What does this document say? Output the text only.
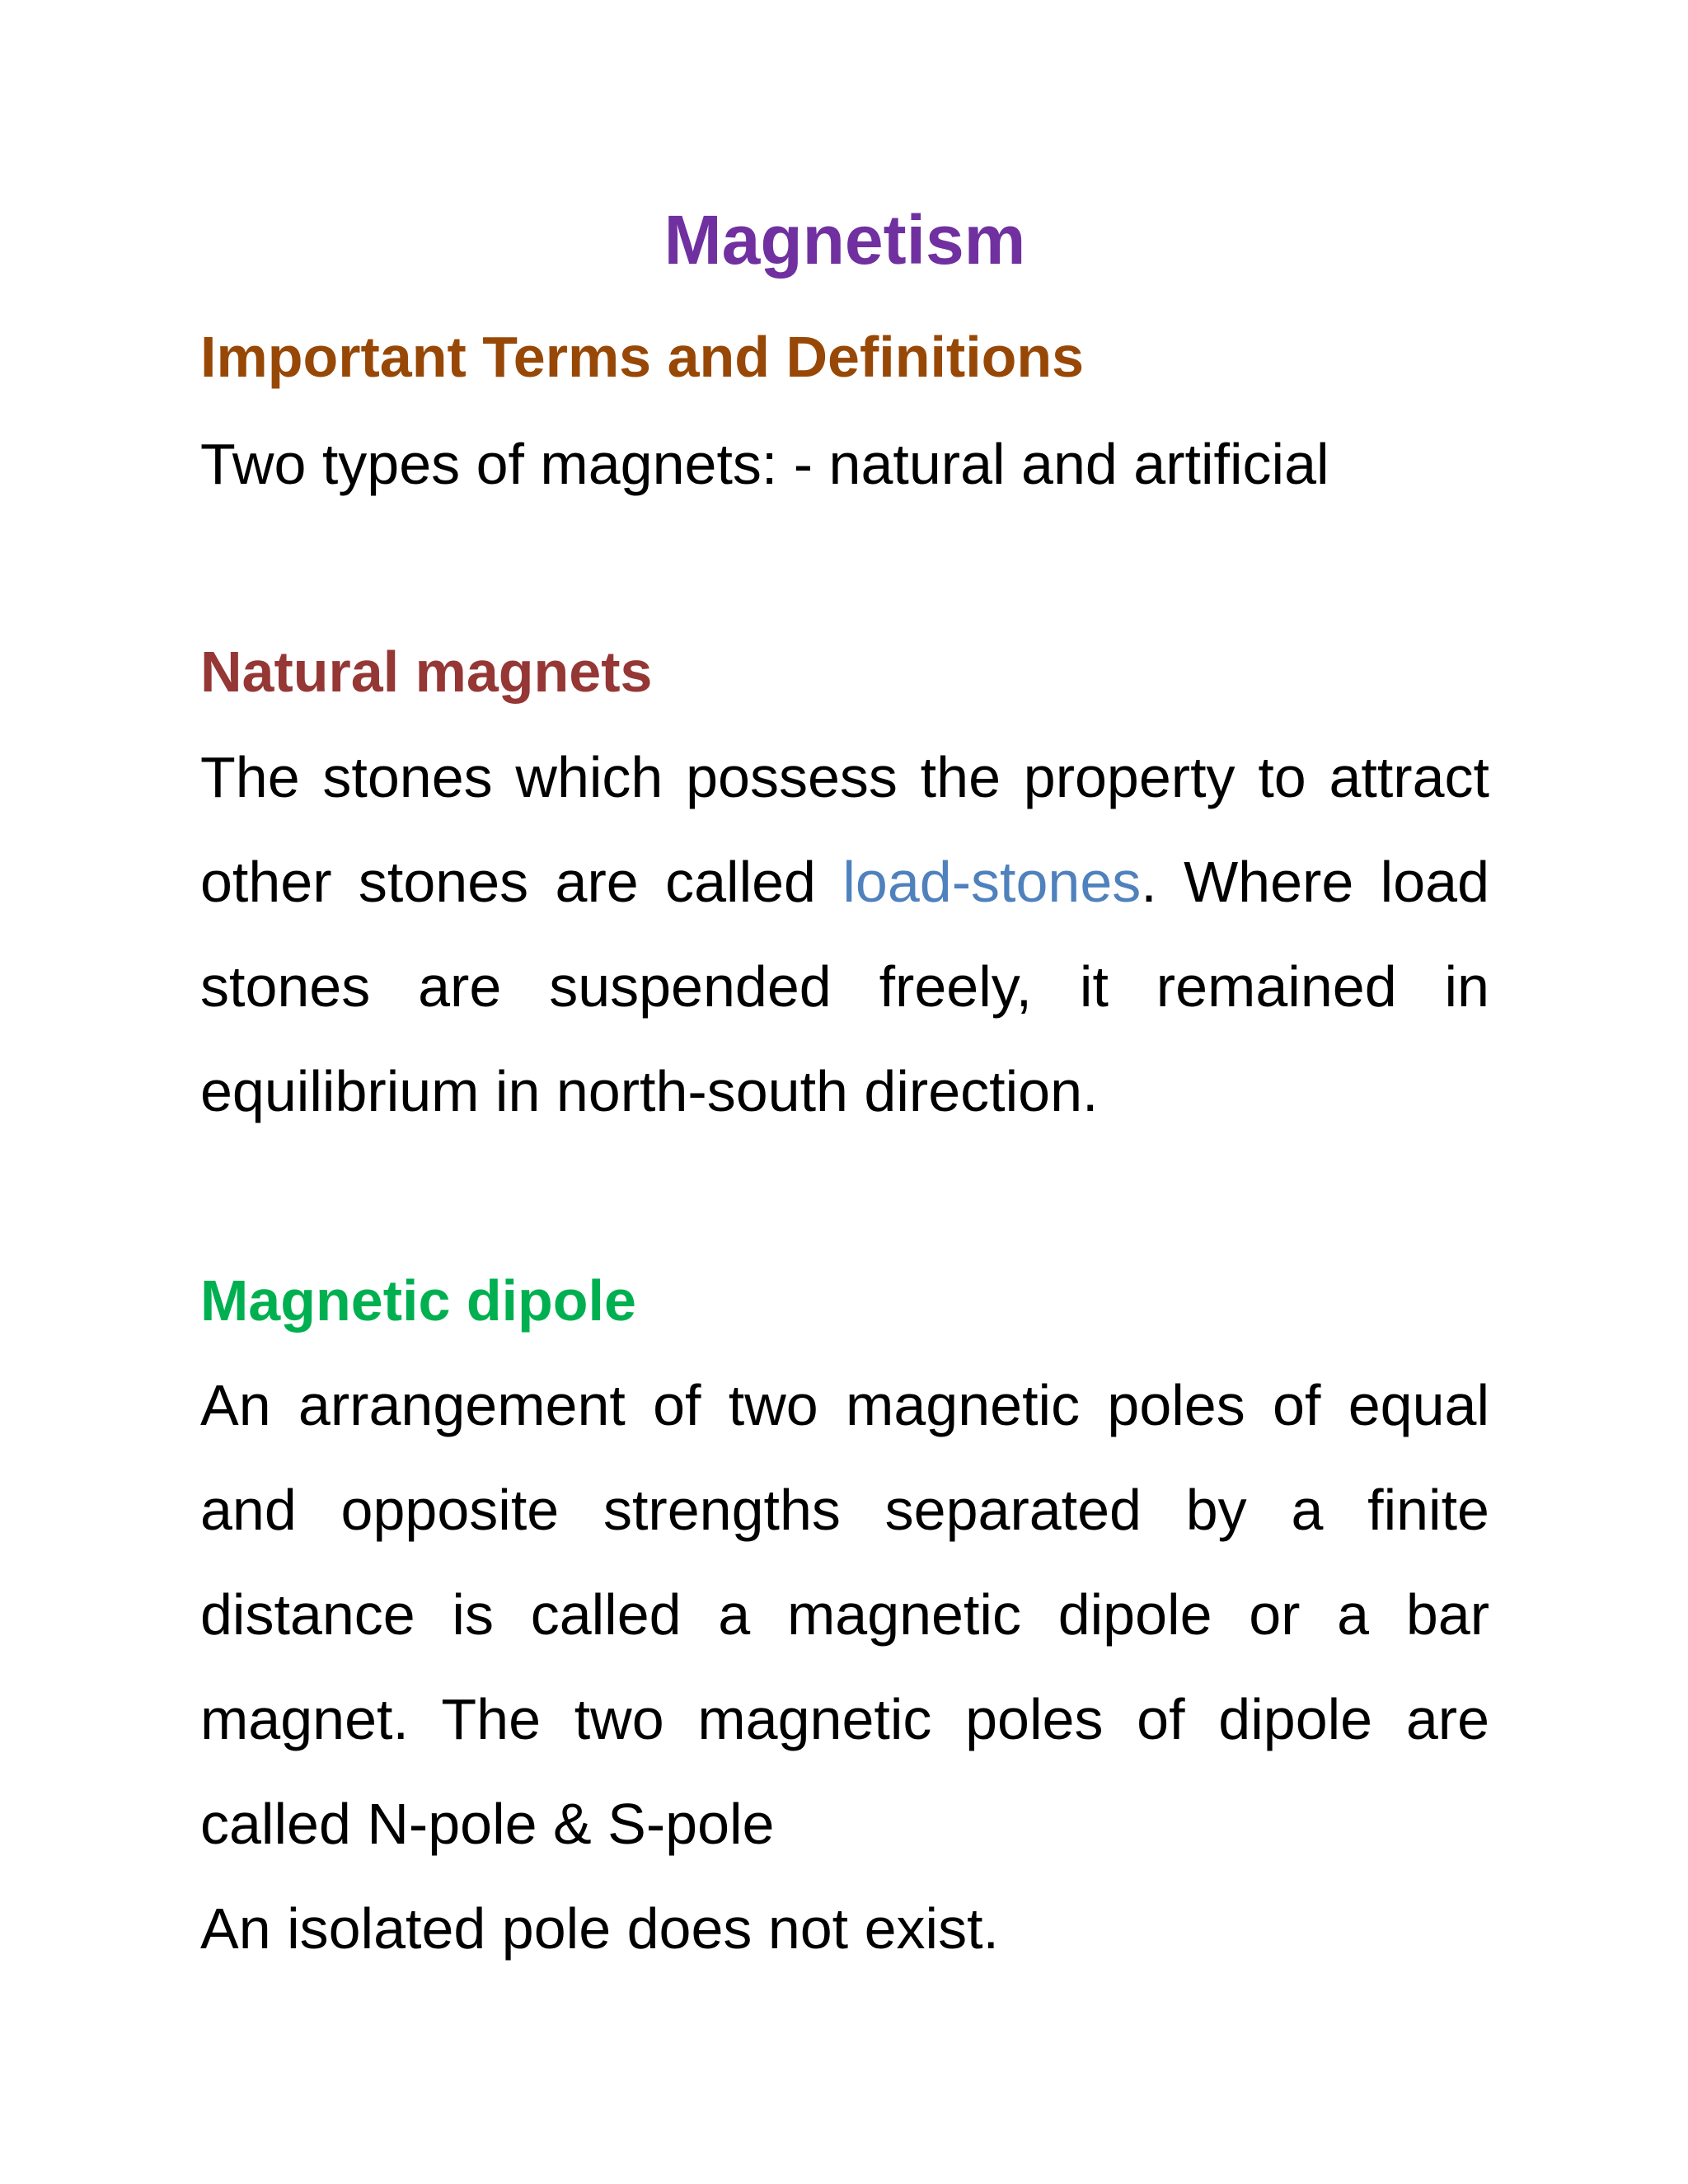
Magnetism
Important Terms and Definitions

Two types of magnets: - natural and artificial

Natural magnets

The stones which possess the property to attract other stones are called load-stones. Where load stones are suspended freely, it remained in equilibrium in north-south direction.

Magnetic dipole

An arrangement of two magnetic poles of equal and opposite strengths separated by a finite distance is called a magnetic dipole or a bar magnet. The two magnetic poles of dipole are called N-pole & S-pole

An isolated pole does not exist.
